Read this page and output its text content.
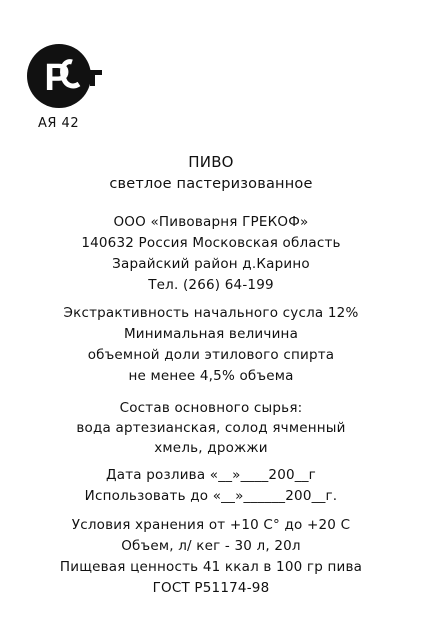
P
АЯ 42
ПИВО
светлое пастеризованное
ООО «Пивоварня ГРЕКОФ»
140632 Россия Московская область
Зарайский район д.Карино
Тел. (266) 64-199
Экстрактивность начального сусла 12%
Минимальная величина
объемной доли этилового спирта
не менее 4,5% объема
Состав основного сырья:
вода артезианская, солод ячменный
хмель, дрожжи
Дата розлива «__»____200__г
Использовать до «__»______200__г.
Условия хранения от +10 С° до +20 С
Объем, л/ кег - 30 л, 20л
Пищевая ценность 41 ккал в 100 гр пива
ГОСТ Р51174-98
